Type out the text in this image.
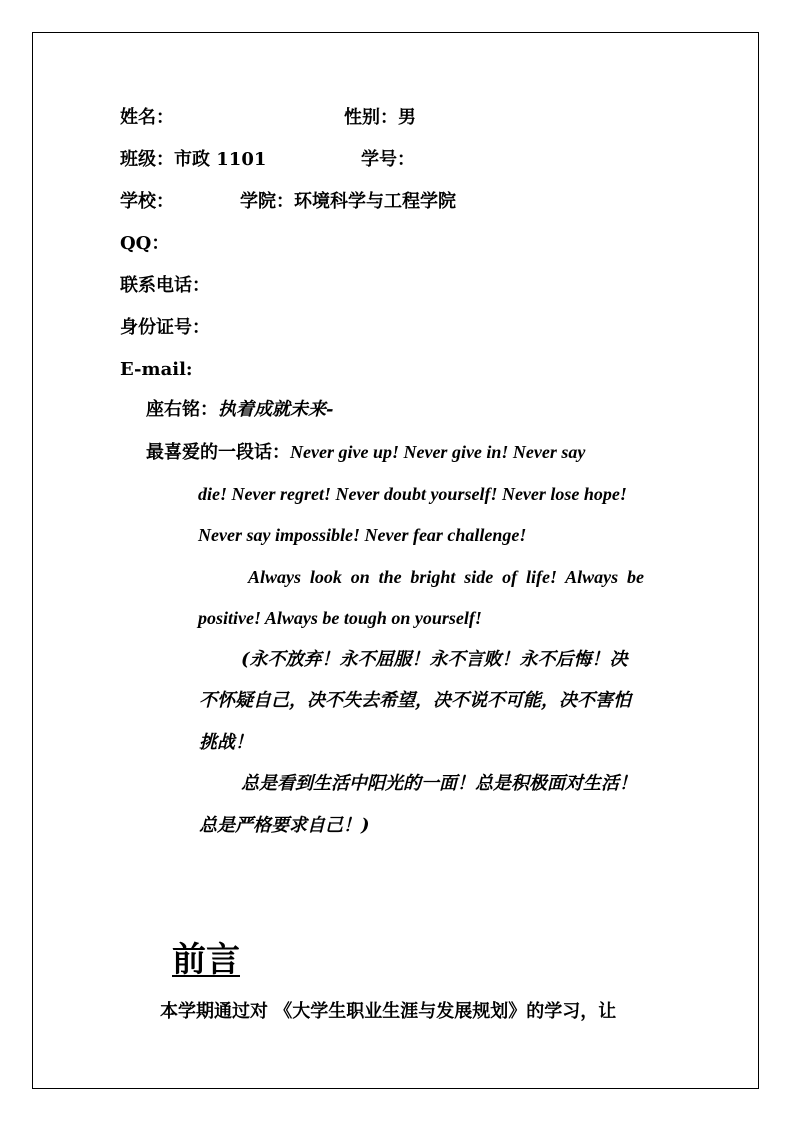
姓名：	性别：男
班级：市政 1101	学号：
学校：	学院：环境科学与工程学院
QQ：
联系电话：
身份证号：
E-mail:
座右铭：执着成就未来-
最喜爱的一段话：Never give up! Never give in! Never say
die! Never regret! Never doubt yourself! Never lose hope!
Never say impossible! Never fear challenge!
Always look on the bright side of life! Always be
positive! Always be tough on yourself!
(永不放弃！永不屈服！永不言败！永不后悔！决
不怀疑自己，决不失去希望，决不说不可能，决不害怕
挑战！
总是看到生活中阳光的一面！总是积极面对生活！
总是严格要求自己！)
前言
本学期通过对 《大学生职业生涯与发展规划》的学习，让
